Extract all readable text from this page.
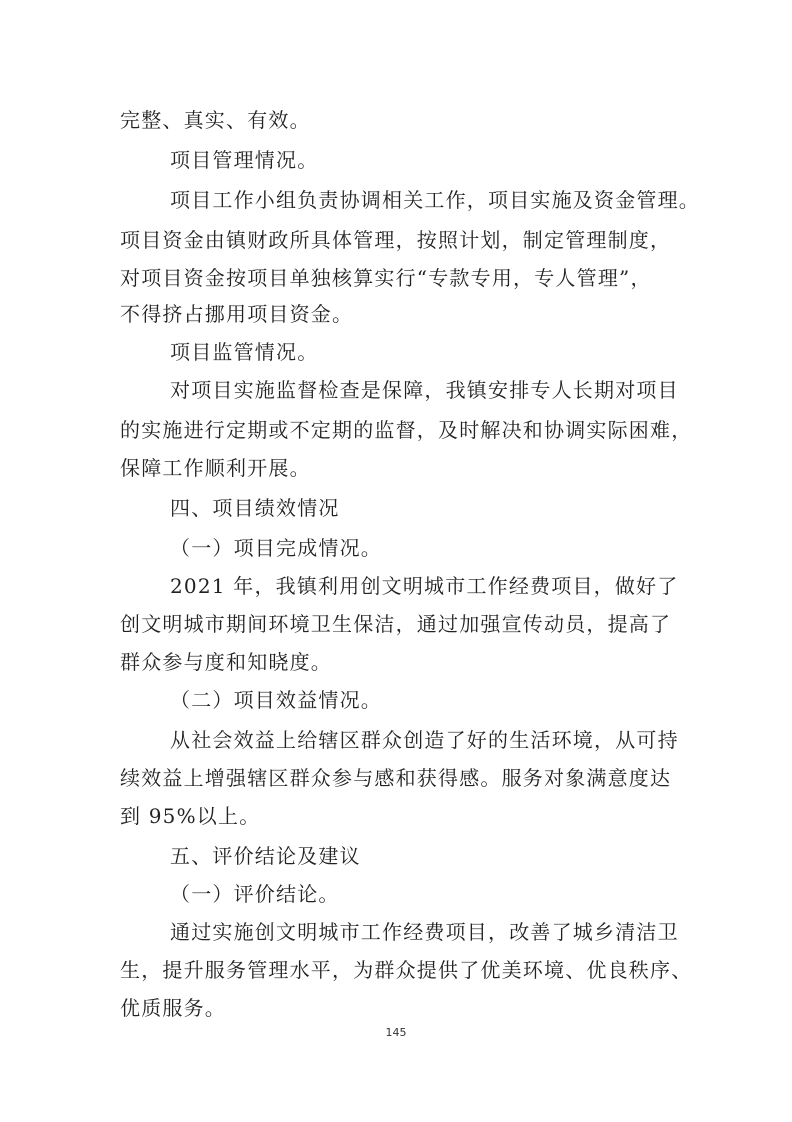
完整、真实、有效。
项目管理情况。
项目工作小组负责协调相关工作，项目实施及资金管理。
项目资金由镇财政所具体管理，按照计划，制定管理制度，
对项目资金按项目单独核算实行“专款专用，专人管理”，
不得挤占挪用项目资金。
项目监管情况。
对项目实施监督检查是保障，我镇安排专人长期对项目
的实施进行定期或不定期的监督，及时解决和协调实际困难，
保障工作顺利开展。
四、项目绩效情况
（一）项目完成情况。
2021 年，我镇利用创文明城市工作经费项目，做好了
创文明城市期间环境卫生保洁，通过加强宣传动员，提高了
群众参与度和知晓度。
（二）项目效益情况。
从社会效益上给辖区群众创造了好的生活环境，从可持
续效益上增强辖区群众参与感和获得感。服务对象满意度达
到 95%以上。
五、评价结论及建议
（一）评价结论。
通过实施创文明城市工作经费项目，改善了城乡清洁卫
生，提升服务管理水平，为群众提供了优美环境、优良秩序、
优质服务。
145
